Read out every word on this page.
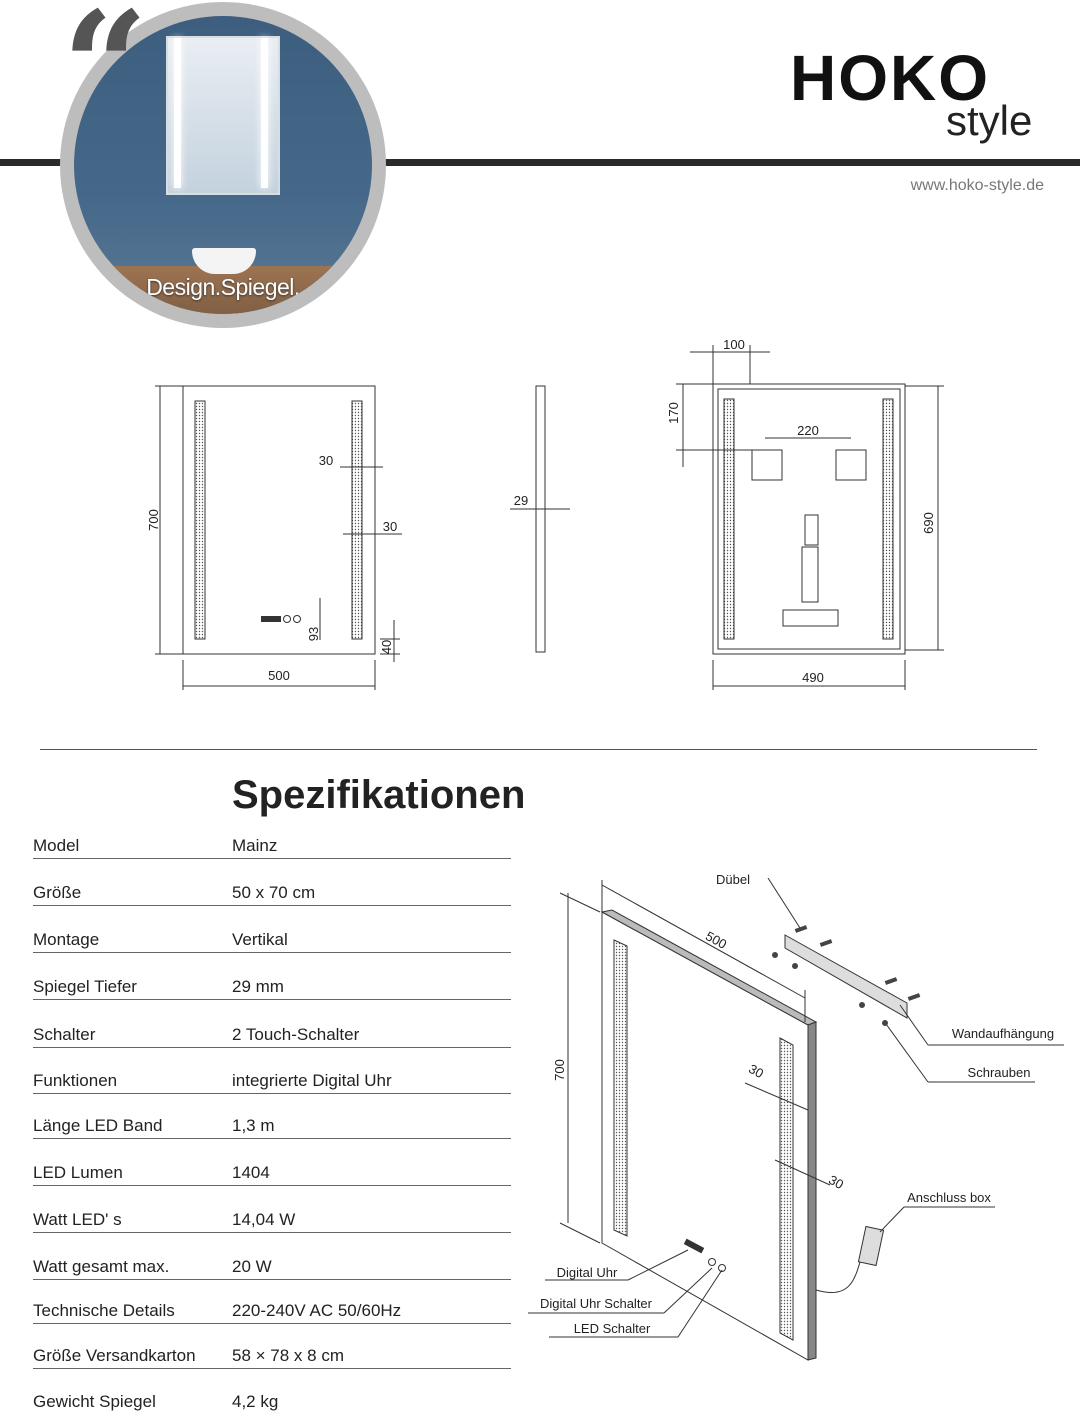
Design.Spiegel.
“	HOKO
style
www.hoko-style.de
500
700
30
30
93
40
29
100
170
220
690
490
Spezifikationen
Model	Mainz
Größe	50 x 70 cm
Montage	Vertikal
Spiegel Tiefer	29 mm
Schalter	2 Touch-Schalter
Funktionen	integrierte Digital Uhr
Länge LED Band	1,3 m
LED Lumen	1404
Watt LED' s	14,04 W
Watt gesamt max.	20 W
Technische Details	220-240V AC 50/60Hz
Größe Versandkarton 58 × 78 x 8 cm
Gewicht Spiegel	4,2 kg
500
700	30
30
Dübel
Wandaufhängung
Schrauben
Anschluss box
Digital Uhr
Digital Uhr Schalter
LED Schalter
